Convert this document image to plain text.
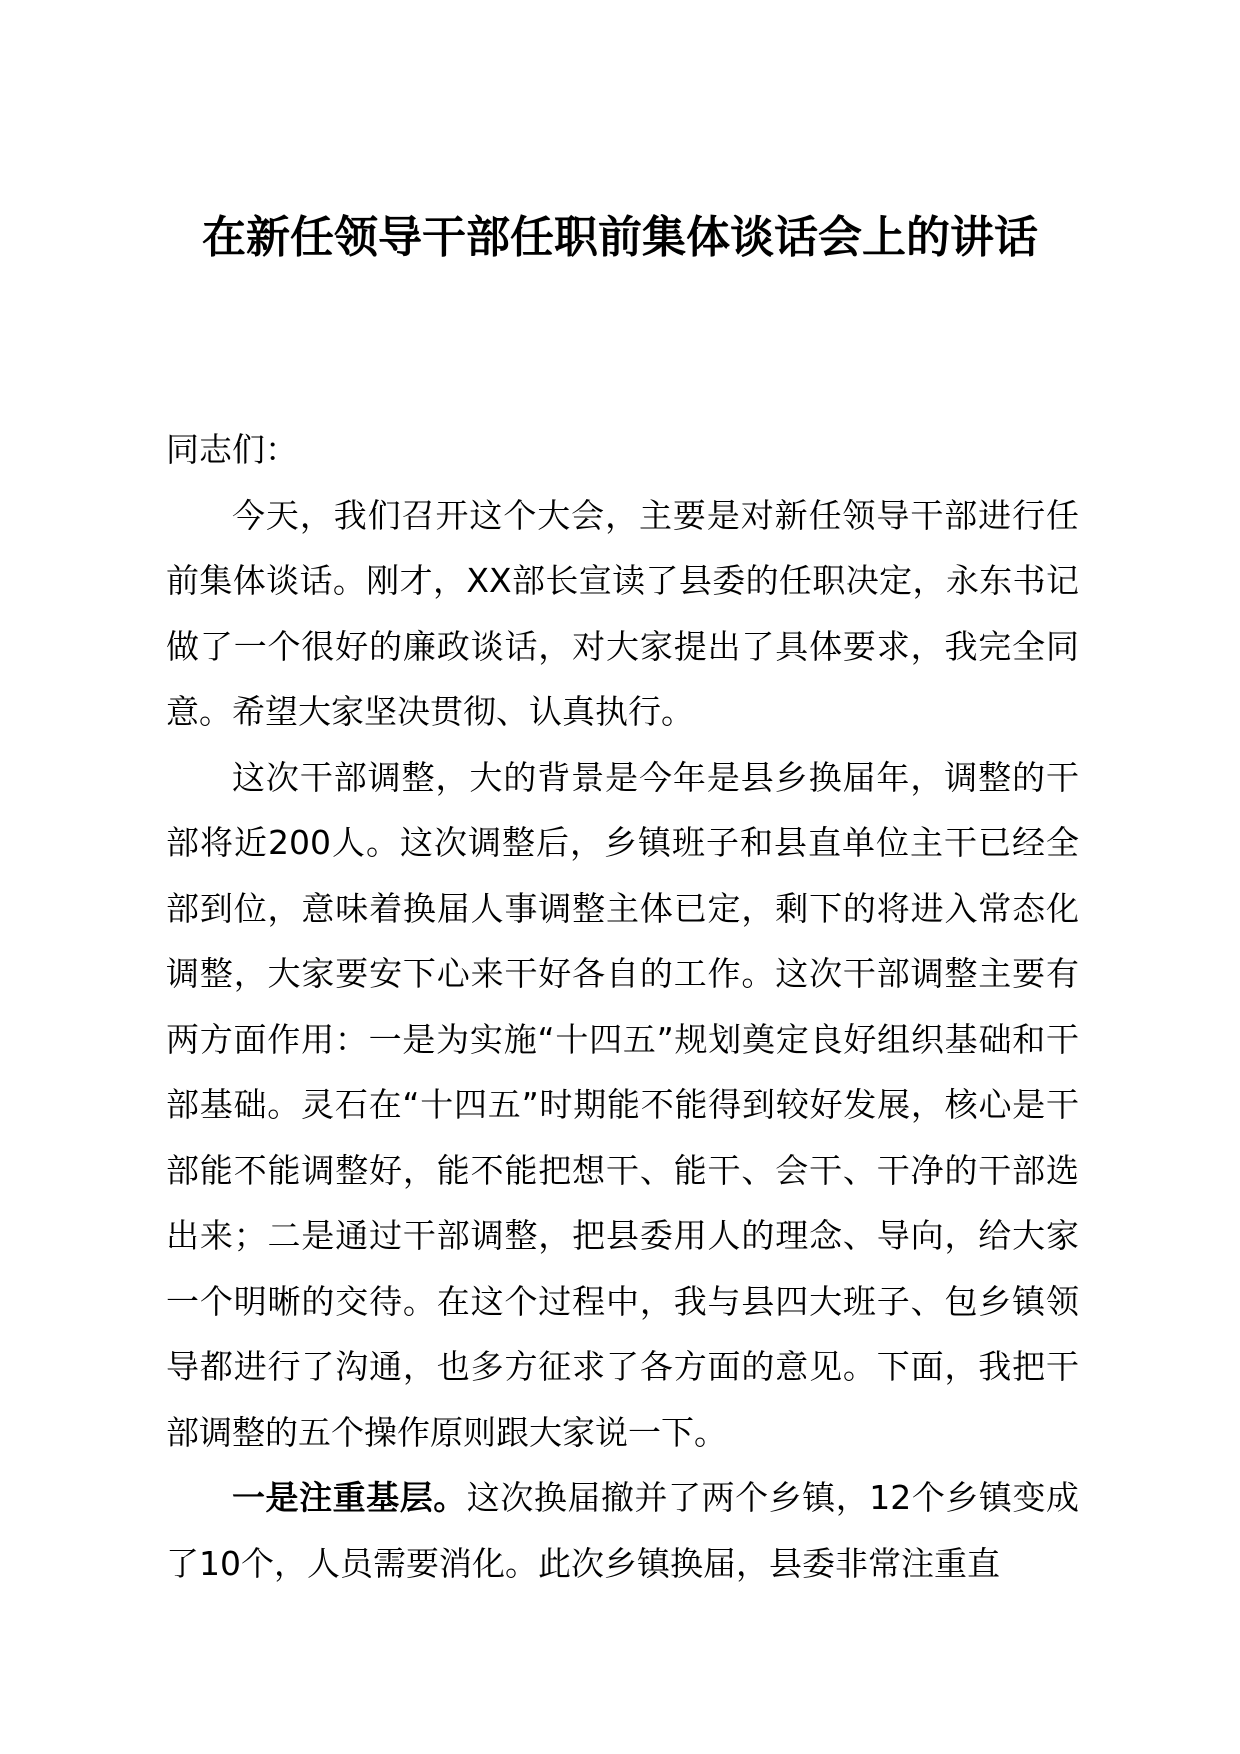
在新任领导干部任职前集体谈话会上的讲话

同志们：

今天，我们召开这个大会，主要是对新任领导干部进行任前集体谈话。刚才，XX部长宣读了县委的任职决定，永东书记做了一个很好的廉政谈话，对大家提出了具体要求，我完全同意。希望大家坚决贯彻、认真执行。

这次干部调整，大的背景是今年是县乡换届年，调整的干部将近200人。这次调整后，乡镇班子和县直单位主干已经全部到位，意味着换届人事调整主体已定，剩下的将进入常态化调整，大家要安下心来干好各自的工作。这次干部调整主要有两方面作用：一是为实施“十四五”规划奠定良好组织基础和干部基础。灵石在“十四五”时期能不能得到较好发展，核心是干部能不能调整好，能不能把想干、能干、会干、干净的干部选出来；二是通过干部调整，把县委用人的理念、导向，给大家一个明晰的交待。在这个过程中，我与县四大班子、包乡镇领导都进行了沟通，也多方征求了各方面的意见。下面，我把干部调整的五个操作原则跟大家说一下。

一是注重基层。这次换届撤并了两个乡镇，12个乡镇变成了10个，人员需要消化。此次乡镇换届，县委非常注重直
